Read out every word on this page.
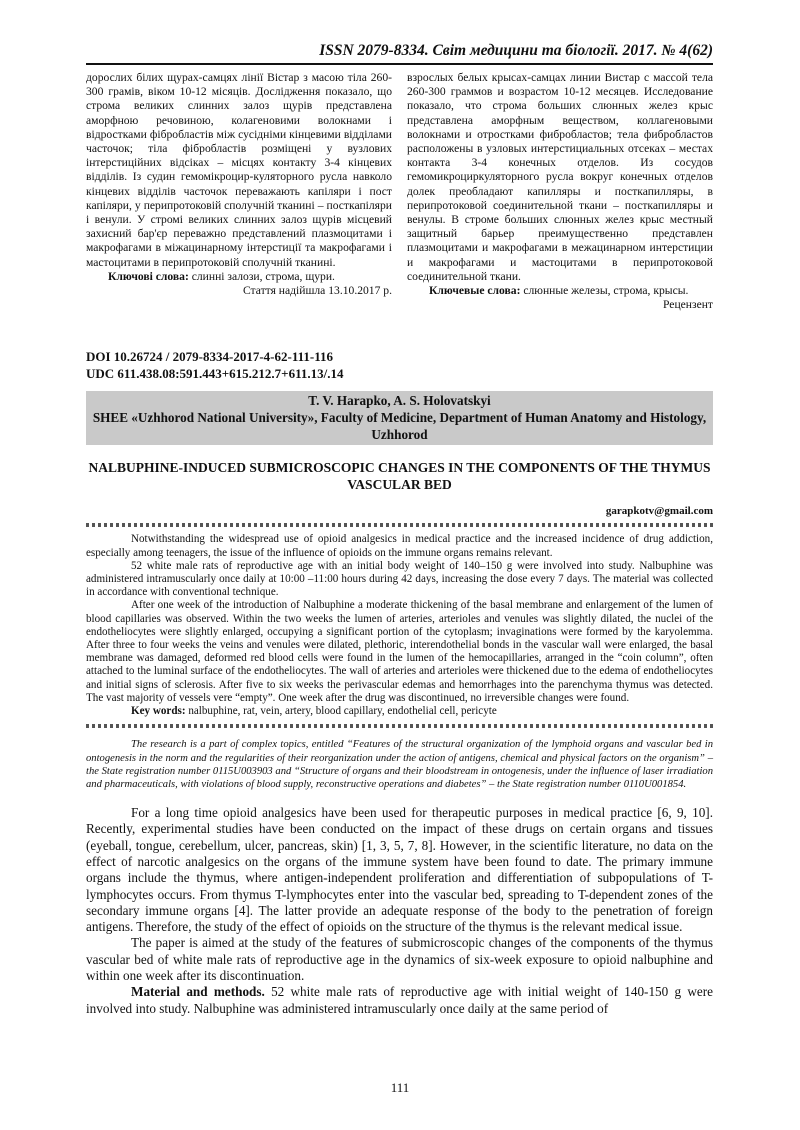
ISSN 2079-8334. Світ медицини та біології. 2017. № 4(62)

дорослих білих щурах-самцях лінії Вістар з масою тіла 260-300 грамів, віком 10-12 місяців. Дослідження показало, що строма великих слинних залоз щурів представлена аморфною речовиною, колагеновими волокнами і відростками фібробластів між сусідніми кінцевими відділами часточок; тіла фібробластів розміщені у вузлових інтерстиційних відсіках – місцях контакту 3-4 кінцевих відділів. Із судин гемомікроцир-куляторного русла навколо кінцевих відділів часточок переважають капіляри і пост капіляри, у перипротоковій сполучній тканині – посткапіляри і венули. У стромі великих слинних залоз щурів місцевий захисний бар'єр переважно представлений плазмоцитами і макрофагами в міжацинарному інтерстиції та макрофагами і мастоцитами в перипротоковій сполучній тканині.

Ключові слова: слинні залози, строма, щури.

Стаття надійшла 13.10.2017 р.

взрослых белых крысах-самцах линии Вистар с массой тела 260-300 граммов и возрастом 10-12 месяцев. Исследование показало, что строма больших слюнных желез крыс представлена аморфным веществом, коллагеновыми волокнами и отростками фибробластов; тела фибробластов расположены в узловых интерстициальных отсеках – местах контакта 3-4 конечных отделов. Из сосудов гемомикроциркуляторного русла вокруг конечных отделов долек преобладают капилляры и посткапилляры, в перипротоковой соединительной ткани – посткапилляры и венулы. В строме больших слюнных желез крыс местный защитный барьер преимущественно представлен плазмоцитами и макрофагами в межацинарном интерстиции и макрофагами и мастоцитами в перипротоковой соединительной ткани.

Ключевые слова: слюнные железы, строма, крысы.

Рецензент

DOI 10.26724 / 2079-8334-2017-4-62-111-116
UDC 611.438.08:591.443+615.212.7+611.13/.14
T. V. Harapko, A. S. Holovatskyi
SHEE «Uzhhorod National University», Faculty of Medicine, Department of Human Anatomy and Histology, Uzhhorod
NALBUPHINE-INDUCED SUBMICROSCOPIC CHANGES IN THE COMPONENTS OF THE THYMUS VASCULAR BED
garapkotv@gmail.com

Notwithstanding the widespread use of opioid analgesics in medical practice and the increased incidence of drug addiction, especially among teenagers, the issue of the influence of opioids on the immune organs remains relevant.

52 white male rats of reproductive age with an initial body weight of 140–150 g were involved into study. Nalbuphine was administered intramuscularly once daily at 10:00 –11:00 hours during 42 days, increasing the dose every 7 days. The material was collected in accordance with conventional technique.

After one week of the introduction of Nalbuphine a moderate thickening of the basal membrane and enlargement of the lumen of blood capillaries was observed. Within the two weeks the lumen of arteries, arterioles and venules was slightly dilated, the nuclei of the endotheliocytes were slightly enlarged, occupying a significant portion of the cytoplasm; invaginations were formed by the karyolemma. After three to four weeks the veins and venules were dilated, plethoric, interendothelial bonds in the vascular wall were enlarged, the basal membrane was damaged, deformed red blood cells were found in the lumen of the hemocapillaries, arranged in the “coin column”, often attached to the luminal surface of the endotheliocytes. The wall of arteries and arterioles were thickened due to the edema of endotheliocytes and initial signs of sclerosis. After five to six weeks the perivascular edemas and hemorrhages into the parenchyma thymus was detected. The vast majority of vessels vere “empty”. One week after the drug was discontinued, no irreversible changes were found.

Key words: nalbuphine, rat, vein, artery, blood capillary, endothelial cell, pericyte

The research is a part of complex topics, entitled “Features of the structural organization of the lymphoid organs and vascular bed in ontogenesis in the norm and the regularities of their reorganization under the action of antigens, chemical and physical factors on the organism” – the State registration number 0115U003903 and “Structure of organs and their bloodstream in ontogenesis, under the influence of laser irradiation and pharmaceuticals, with violations of blood supply, reconstructive operations and diabetes” – the State registration number 0110U001854.

For a long time opioid analgesics have been used for therapeutic purposes in medical practice [6, 9, 10]. Recently, experimental studies have been conducted on the impact of these drugs on certain organs and tissues (eyeball, tongue, cerebellum, ulcer, pancreas, skin) [1, 3, 5, 7, 8]. However, in the scientific literature, no data on the effect of narcotic analgesics on the organs of the immune system have been found to date. The primary immune organs include the thymus, where antigen-independent proliferation and differentiation of subpopulations of T-lymphocytes occurs. From thymus T-lymphocytes enter into the vascular bed, spreading to T-dependent zones of the secondary immune organs [4]. The latter provide an adequate response of the body to the penetration of foreign antigens. Therefore, the study of the effect of opioids on the structure of the thymus is the relevant medical issue.

The paper is aimed at the study of the features of submicroscopic changes of the components of the thymus vascular bed of white male rats of reproductive age in the dynamics of six-week exposure to opioid nalbuphine and within one week after its discontinuation.

Material and methods. 52 white male rats of reproductive age with initial weight of 140-150 g were involved into study. Nalbuphine was administered intramuscularly once daily at the same period of

111
